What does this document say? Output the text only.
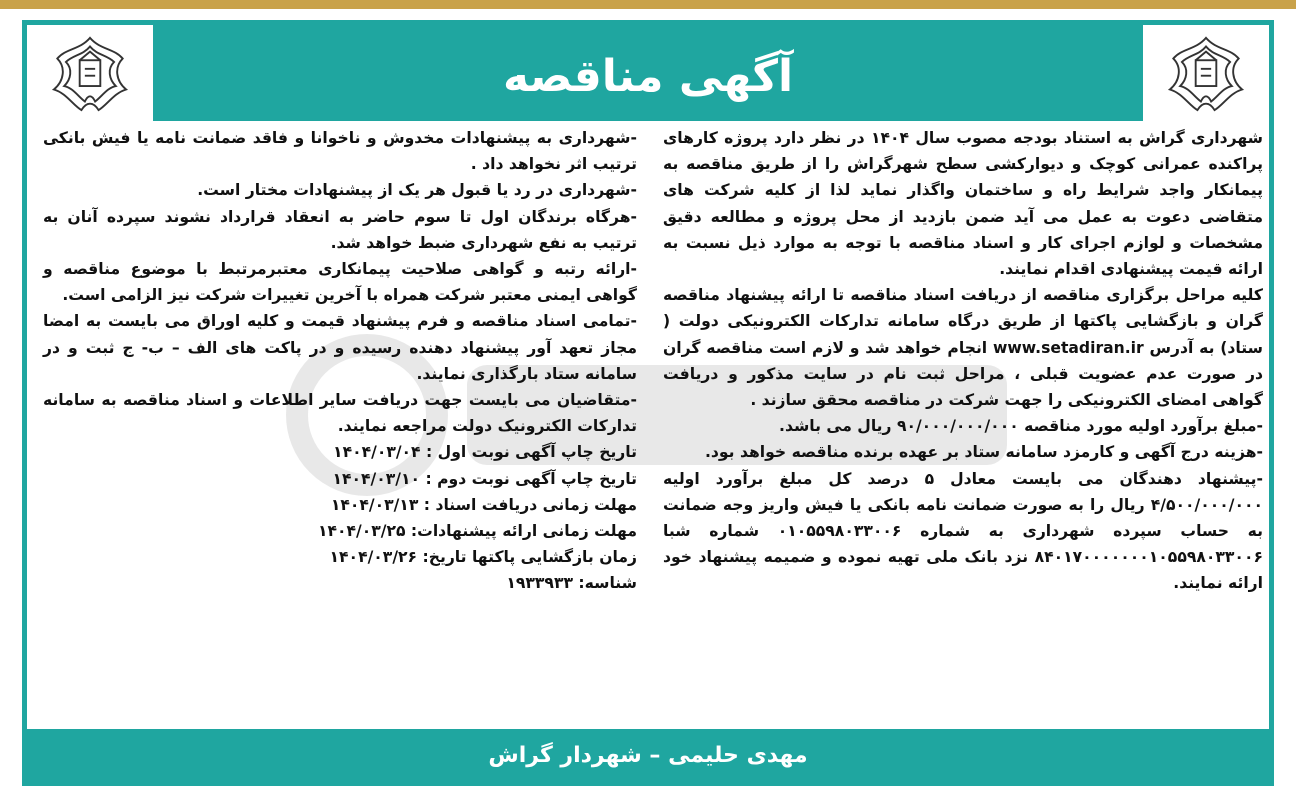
آگهی مناقصه

شهرداری گراش به استناد بودجه مصوب سال ۱۴۰۴ در نظر دارد پروژه کارهای پراکنده عمرانی کوچک و دیوارکشی سطح شهرگراش را از طریق مناقصه به پیمانکار واجد شرایط راه و ساختمان واگذار نماید لذا از کلیه شرکت های متقاضی دعوت به عمل می آید ضمن بازدید از محل پروژه و مطالعه دقیق مشخصات و لوازم اجرای کار و اسناد مناقصه با توجه به موارد ذیل نسبت به ارائه قیمت پیشنهادی اقدام نمایند.

کلیه مراحل برگزاری مناقصه از دریافت اسناد مناقصه تا ارائه پیشنهاد مناقصه گران و بازگشایی پاکتها از طریق درگاه سامانه تدارکات الکترونیکی دولت ( ستاد) به آدرس www.setadiran.ir انجام خواهد شد و لازم است مناقصه گران در صورت عدم عضویت قبلی ، مراحل ثبت نام در سایت مذکور و دریافت گواهی امضای الکترونیکی را جهت شرکت در مناقصه محقق سازند .

-مبلغ برآورد اولیه مورد مناقصه ۹۰/۰۰۰/۰۰۰/۰۰۰ ریال می باشد.

-هزینه درج آگهی و کارمزد سامانه ستاد بر عهده برنده مناقصه خواهد بود.

-پیشنهاد دهندگان می بایست معادل ۵ درصد کل مبلغ برآورد اولیه ۴/۵۰۰/۰۰۰/۰۰۰ ریال را به صورت ضمانت نامه بانکی یا فیش واریز وجه ضمانت به حساب سپرده شهرداری به شماره ۰۱۰۵۵۹۸۰۳۳۰۰۶ شماره شبا ۸۴۰۱۷۰۰۰۰۰۰۰۱۰۵۵۹۸۰۳۳۰۰۶ نزد بانک ملی تهیه نموده و ضمیمه پیشنهاد خود ارائه نمایند.

-شهرداری به پیشنهادات مخدوش و ناخوانا و فاقد ضمانت نامه یا فیش بانکی ترتیب اثر نخواهد داد .

-شهرداری در رد یا قبول هر یک از پیشنهادات مختار است.

-هرگاه برندگان اول تا سوم حاضر به انعقاد قرارداد نشوند سپرده آنان به ترتیب به نفع شهرداری ضبط خواهد شد.

-ارائه رتبه و گواهی صلاحیت پیمانکاری معتبرمرتبط با موضوع مناقصه و گواهی ایمنی معتبر شرکت همراه با آخرین تغییرات شرکت نیز الزامی است.

-تمامی اسناد مناقصه و فرم پیشنهاد قیمت و کلیه اوراق می بایست به امضا مجاز تعهد آور پیشنهاد دهنده رسیده و در پاکت های الف – ب- ج ثبت و در سامانه ستاد بارگذاری نمایند.

-متقاضیان می بایست جهت دریافت سایر اطلاعات و اسناد مناقصه به سامانه تدارکات الکترونیک دولت مراجعه نمایند.

تاریخ چاپ آگهی نوبت اول : ۱۴۰۴/۰۳/۰۴

تاریخ چاپ آگهی نوبت دوم : ۱۴۰۴/۰۳/۱۰

مهلت زمانی دریافت اسناد : ۱۴۰۴/۰۳/۱۳

مهلت زمانی ارائه پیشنهادات: ۱۴۰۴/۰۳/۲۵

زمان بازگشایی پاکتها تاریخ: ۱۴۰۴/۰۳/۲۶

شناسه: ۱۹۳۳۹۳۳

مهدی حلیمی – شهردار گراش
